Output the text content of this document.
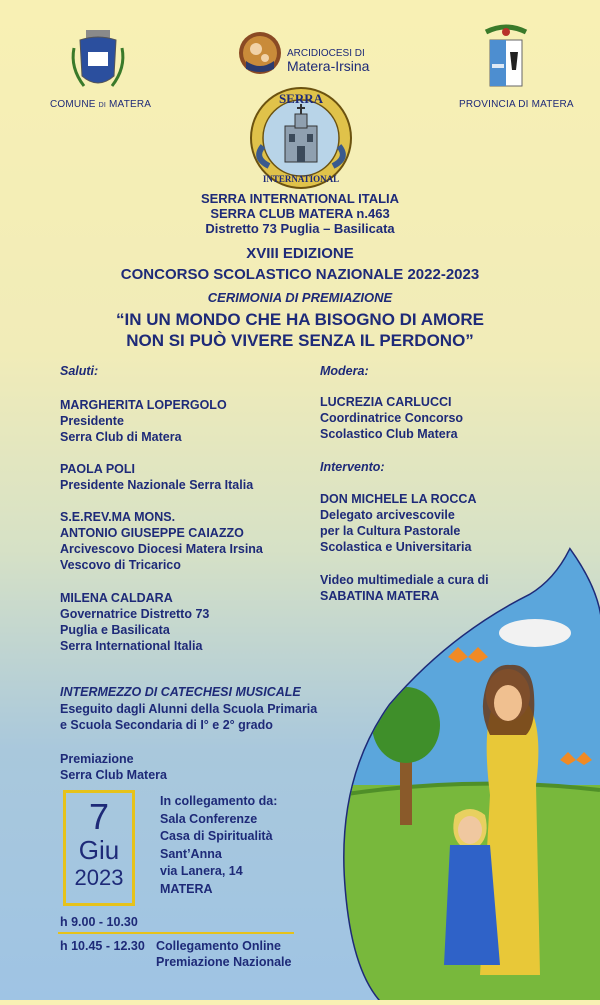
COMUNE DI MATERA
ARCIDIOCESI DI
Matera-Irsina
PROVINCIA DI MATERA
SERRA
INTERNATIONAL
SERRA INTERNATIONAL ITALIA
SERRA CLUB MATERA n.463
Distretto 73 Puglia – Basilicata
XVIII EDIZIONE
CONCORSO SCOLASTICO NAZIONALE 2022-2023
CERIMONIA DI PREMIAZIONE
“IN UN MONDO CHE HA BISOGNO DI AMORE
NON SI PUÒ VIVERE SENZA IL PERDONO”
Saluti:
MARGHERITA LOPERGOLO
Presidente
Serra Club di Matera
PAOLA POLI
Presidente Nazionale Serra Italia
S.E.REV.MA MONS.
ANTONIO GIUSEPPE CAIAZZO
Arcivescovo Diocesi Matera Irsina
Vescovo di Tricarico
MILENA CALDARA
Governatrice Distretto 73
Puglia e Basilicata
Serra International Italia
INTERMEZZO DI CATECHESI MUSICALE
Eseguito dagli Alunni della Scuola Primaria
e Scuola Secondaria di I° e 2° grado
Premiazione
Serra Club Matera
Modera:
LUCREZIA CARLUCCI
Coordinatrice Concorso
Scolastico Club Matera
Intervento:
DON MICHELE LA ROCCA
Delegato arcivescovile
per la Cultura Pastorale
Scolastica e Universitaria
Video multimediale a cura di
SABATINA MATERA
7
Giu
2023
In collegamento da:
Sala Conferenze
Casa di Spiritualità
Sant’Anna
via Lanera, 14
MATERA
h 9.00 - 10.30
h 10.45 - 12.30 Collegamento Online
Premiazione Nazionale
